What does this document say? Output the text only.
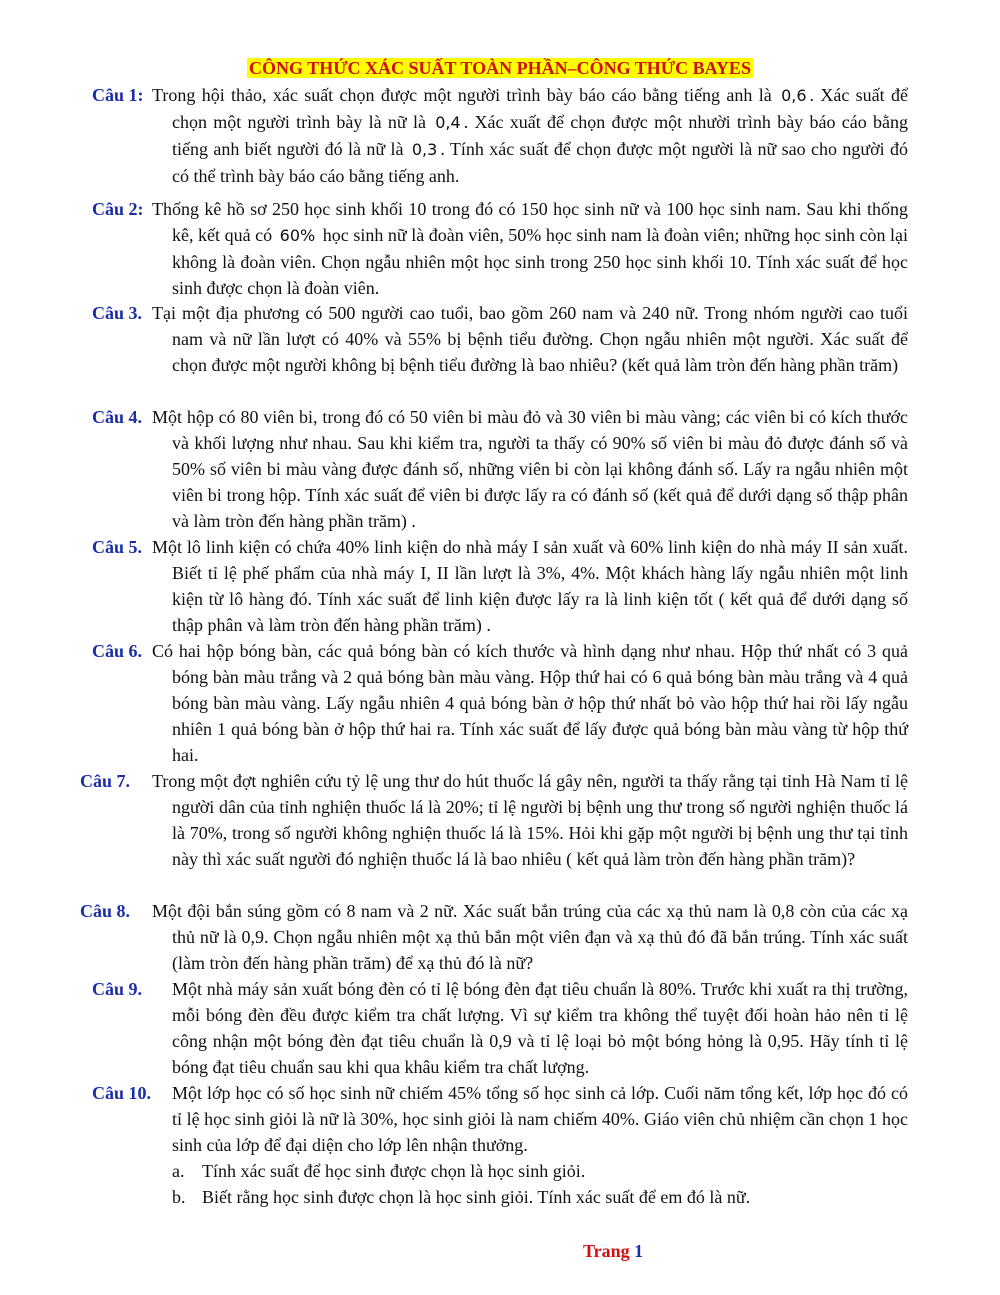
CÔNG THỨC XÁC SUẤT TOÀN PHẦN–CÔNG THỨC BAYES
Câu 1: Trong hội thảo, xác suất chọn được một người trình bày báo cáo bằng tiếng anh là 0,6 . Xác suất để chọn một người trình bày là nữ là 0,4 . Xác xuất để chọn được một nhười trình bày báo cáo bằng tiếng anh biết người đó là nữ là 0,3 . Tính xác suất để chọn được một người là nữ sao cho người đó có thể trình bày báo cáo bằng tiếng anh.
Câu 2: Thống kê hồ sơ 250 học sinh khối 10 trong đó có 150 học sinh nữ và 100 học sinh nam. Sau khi thống kê, kết quả có 60% học sinh nữ là đoàn viên, 50% học sinh nam là đoàn viên; những học sinh còn lại không là đoàn viên. Chọn ngẫu nhiên một học sinh trong 250 học sinh khối 10. Tính xác suất để học sinh được chọn là đoàn viên.
Câu 3. Tại một địa phương có 500 người cao tuổi, bao gồm 260 nam và 240 nữ. Trong nhóm người cao tuổi nam và nữ lần lượt có 40% và 55% bị bệnh tiểu đường. Chọn ngẫu nhiên một người. Xác suất để chọn được một người không bị bệnh tiểu đường là bao nhiêu? (kết quả làm tròn đến hàng phần trăm)
Câu 4. Một hộp có 80 viên bi, trong đó có 50 viên bi màu đỏ và 30 viên bi màu vàng; các viên bi có kích thước và khối lượng như nhau. Sau khi kiểm tra, người ta thấy có 90% số viên bi màu đỏ được đánh số và 50% số viên bi màu vàng được đánh số, những viên bi còn lại không đánh số. Lấy ra ngẫu nhiên một viên bi trong hộp. Tính xác suất để viên bi được lấy ra có đánh số (kết quả để dưới dạng số thập phân và làm tròn đến hàng phần trăm) .
Câu 5. Một lô linh kiện có chứa 40% linh kiện do nhà máy I sản xuất và 60% linh kiện do nhà máy II sản xuất. Biết tỉ lệ phế phẩm của nhà máy I, II lần lượt là 3%, 4%. Một khách hàng lấy ngẫu nhiên một linh kiện từ lô hàng đó. Tính xác suất để linh kiện được lấy ra là linh kiện tốt ( kết quả để dưới dạng số thập phân và làm tròn đến hàng phần trăm) .
Câu 6. Có hai hộp bóng bàn, các quả bóng bàn có kích thước và hình dạng như nhau. Hộp thứ nhất có 3 quả bóng bàn màu trắng và 2 quả bóng bàn màu vàng. Hộp thứ hai có 6 quả bóng bàn màu trắng và 4 quả bóng bàn màu vàng. Lấy ngẫu nhiên 4 quả bóng bàn ở hộp thứ nhất bỏ vào hộp thứ hai rồi lấy ngẫu nhiên 1 quả bóng bàn ở hộp thứ hai ra. Tính xác suất để lấy được quả bóng bàn màu vàng từ hộp thứ hai.
Câu 7.	Trong một đợt nghiên cứu tỷ lệ ung thư do hút thuốc lá gây nên, người ta thấy rằng tại tỉnh Hà Nam tỉ lệ người dân của tỉnh nghiện thuốc lá là 20%; tỉ lệ người bị bệnh ung thư trong số người nghiện thuốc lá là 70%, trong số người không nghiện thuốc lá là 15%. Hỏi khi gặp một người bị bệnh ung thư tại tỉnh này thì xác suất người đó nghiện thuốc lá là bao nhiêu ( kết quả làm tròn đến hàng phần trăm)?
Câu 8.	Một đội bắn súng gồm có 8 nam và 2 nữ. Xác suất bắn trúng của các xạ thủ nam là 0,8 còn của các xạ thủ nữ là 0,9. Chọn ngẫu nhiên một xạ thủ bắn một viên đạn và xạ thủ đó đã bắn trúng. Tính xác suất (làm tròn đến hàng phần trăm) để xạ thủ đó là nữ?
Câu 9.	Một nhà máy sản xuất bóng đèn có tỉ lệ bóng đèn đạt tiêu chuẩn là 80%. Trước khi xuất ra thị trường, mỗi bóng đèn đều được kiểm tra chất lượng. Vì sự kiểm tra không thể tuyệt đối hoàn hảo nên tỉ lệ công nhận một bóng đèn đạt tiêu chuẩn là 0,9 và tỉ lệ loại bỏ một bóng hỏng là 0,95. Hãy tính tỉ lệ bóng đạt tiêu chuẩn sau khi qua khâu kiểm tra chất lượng.
Câu 10.	Một lớp học có số học sinh nữ chiếm 45% tổng số học sinh cả lớp. Cuối năm tổng kết, lớp học đó có tỉ lệ học sinh giỏi là nữ là 30%, học sinh giỏi là nam chiếm 40%. Giáo viên chủ nhiệm cần chọn 1 học sinh của lớp để đại diện cho lớp lên nhận thưởng.
a. Tính xác suất để học sinh được chọn là học sinh giỏi.
b. Biết rằng học sinh được chọn là học sinh giỏi. Tính xác suất để em đó là nữ.
Trang 1
